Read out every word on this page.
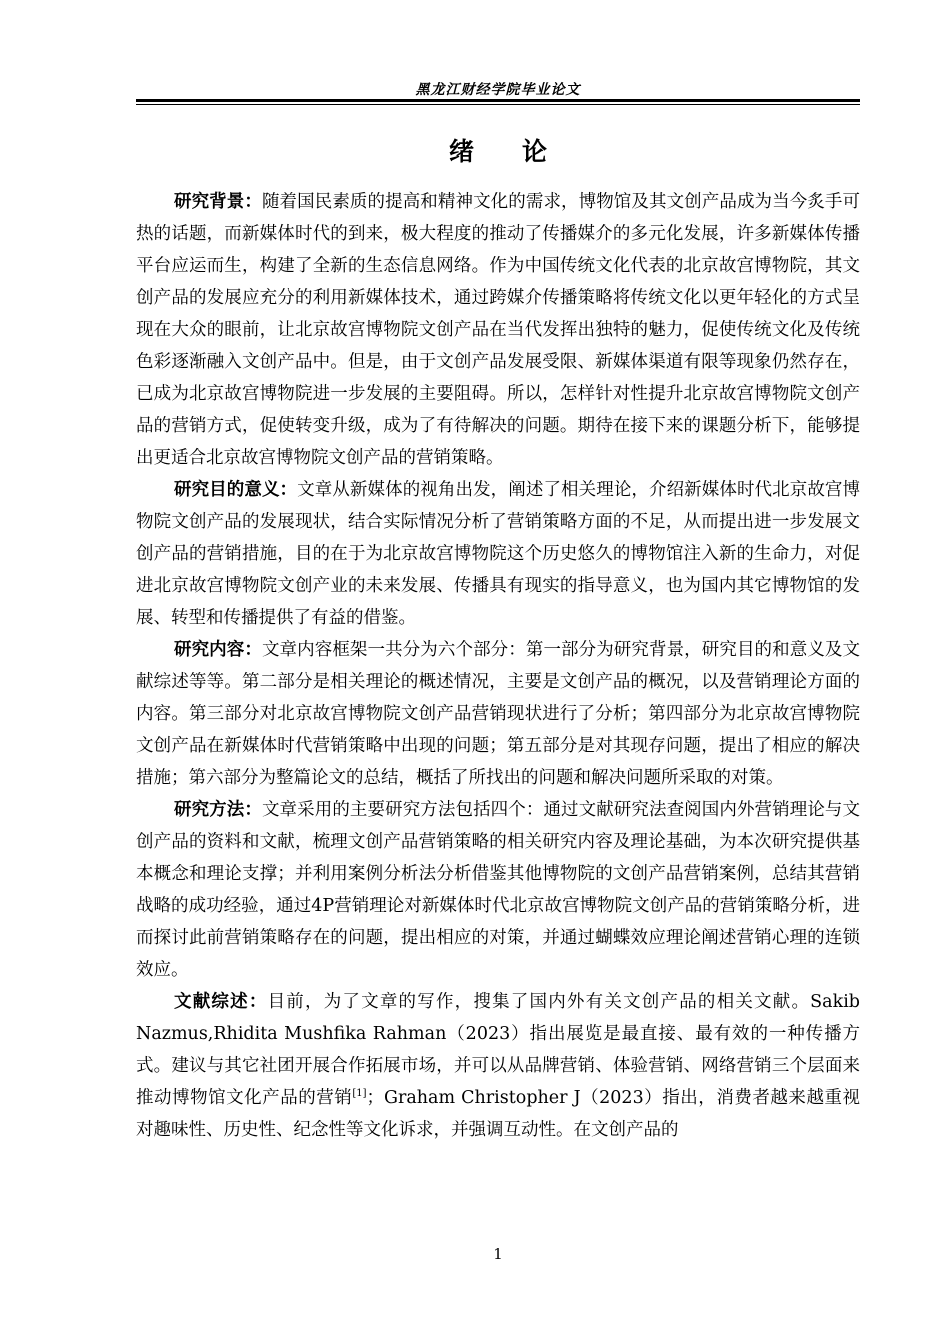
黑龙江财经学院毕业论文
绪论

研究背景：随着国民素质的提高和精神文化的需求，博物馆及其文创产品成为当今炙手可热的话题，而新媒体时代的到来，极大程度的推动了传播媒介的多元化发展，许多新媒体传播平台应运而生，构建了全新的生态信息网络。作为中国传统文化代表的北京故宫博物院，其文创产品的发展应充分的利用新媒体技术，通过跨媒介传播策略将传统文化以更年轻化的方式呈现在大众的眼前，让北京故宫博物院文创产品在当代发挥出独特的魅力，促使传统文化及传统色彩逐渐融入文创产品中。但是，由于文创产品发展受限、新媒体渠道有限等现象仍然存在，已成为北京故宫博物院进一步发展的主要阻碍。所以，怎样针对性提升北京故宫博物院文创产品的营销方式，促使转变升级，成为了有待解决的问题。期待在接下来的课题分析下，能够提出更适合北京故宫博物院文创产品的营销策略。

研究目的意义：文章从新媒体的视角出发，阐述了相关理论，介绍新媒体时代北京故宫博物院文创产品的发展现状，结合实际情况分析了营销策略方面的不足，从而提出进一步发展文创产品的营销措施，目的在于为北京故宫博物院这个历史悠久的博物馆注入新的生命力，对促进北京故宫博物院文创产业的未来发展、传播具有现实的指导意义，也为国内其它博物馆的发展、转型和传播提供了有益的借鉴。

研究内容：文章内容框架一共分为六个部分：第一部分为研究背景，研究目的和意义及文献综述等等。第二部分是相关理论的概述情况，主要是文创产品的概况，以及营销理论方面的内容。第三部分对北京故宫博物院文创产品营销现状进行了分析；第四部分为北京故宫博物院文创产品在新媒体时代营销策略中出现的问题；第五部分是对其现存问题，提出了相应的解决措施；第六部分为整篇论文的总结，概括了所找出的问题和解决问题所采取的对策。

研究方法：文章采用的主要研究方法包括四个：通过文献研究法查阅国内外营销理论与文创产品的资料和文献，梳理文创产品营销策略的相关研究内容及理论基础，为本次研究提供基本概念和理论支撑；并利用案例分析法分析借鉴其他博物院的文创产品营销案例，总结其营销战略的成功经验，通过4P营销理论对新媒体时代北京故宫博物院文创产品的营销策略分析，进而探讨此前营销策略存在的问题，提出相应的对策，并通过蝴蝶效应理论阐述营销心理的连锁效应。

文献综述：目前，为了文章的写作，搜集了国内外有关文创产品的相关文献。Sakib Nazmus,Rhidita Mushfika Rahman（2023）指出展览是最直接、最有效的一种传播方式。建议与其它社团开展合作拓展市场，并可以从品牌营销、体验营销、网络营销三个层面来推动博物馆文化产品的营销[1]；Graham Christopher J（2023）指出，消费者越来越重视对趣味性、历史性、纪念性等文化诉求，并强调互动性。在文创产品的

1
